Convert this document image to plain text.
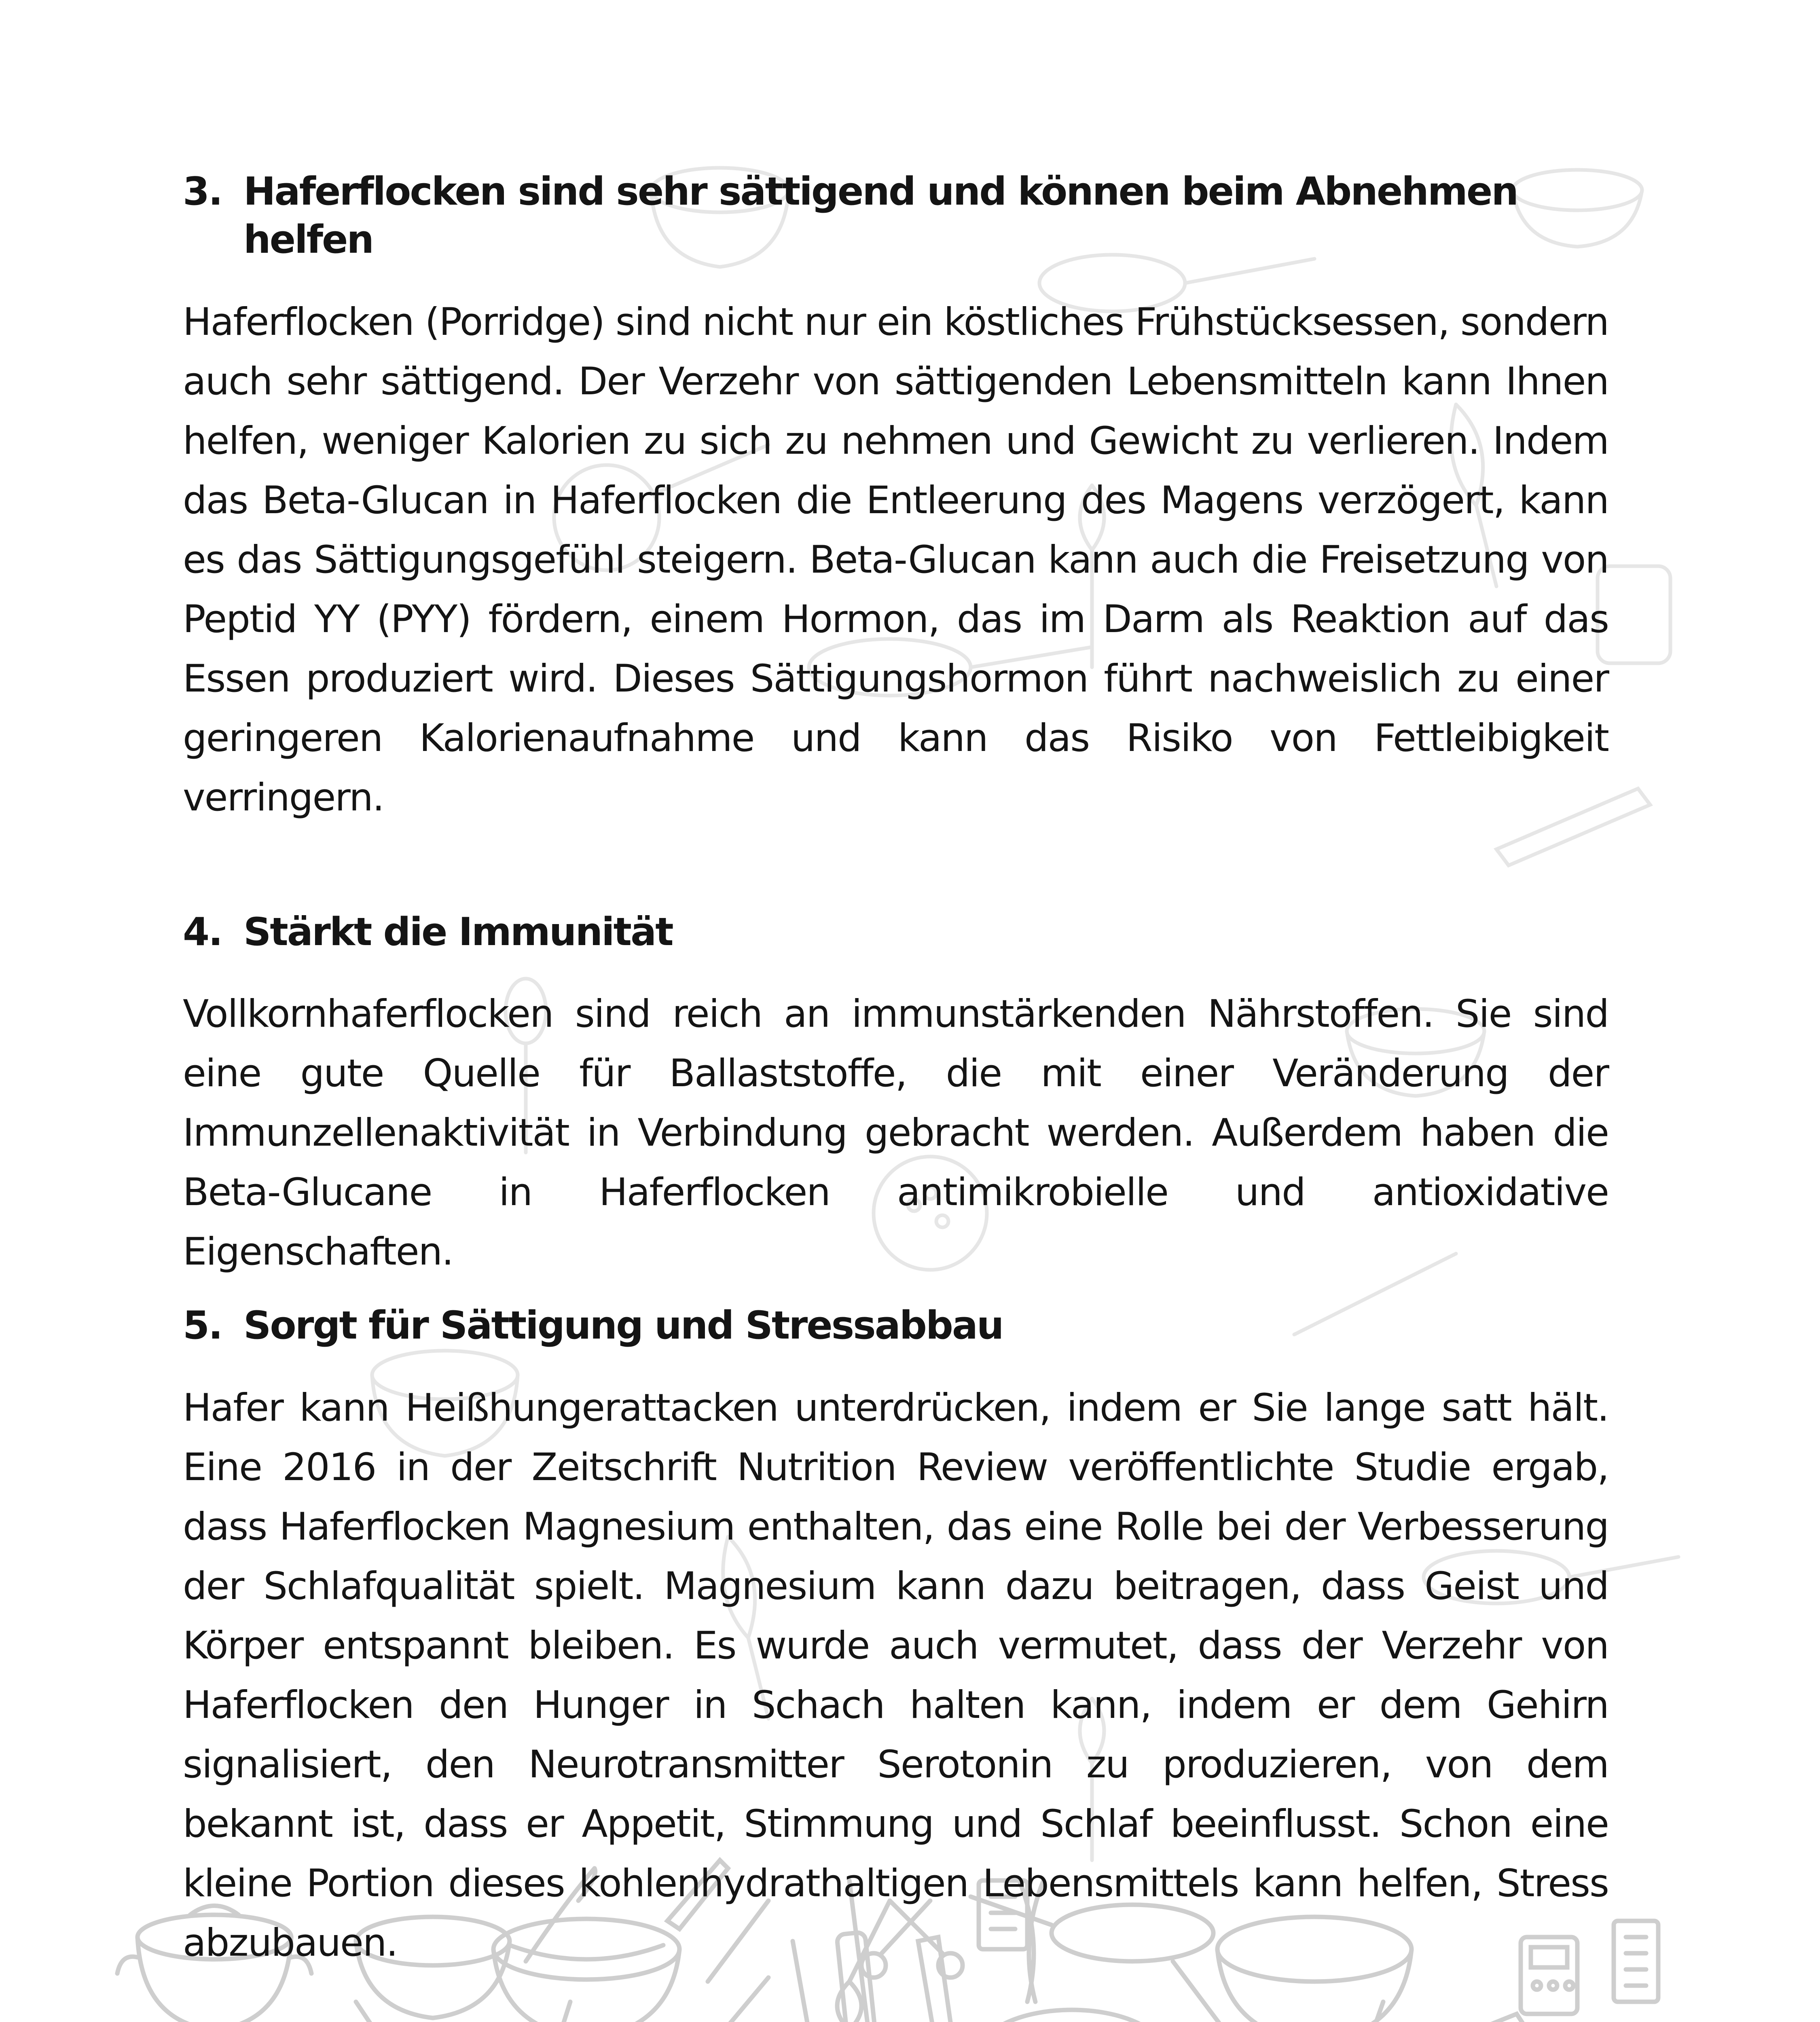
3. Haferflocken sind sehr sättigend und können beim Abnehmen helfen

Haferflocken (Porridge) sind nicht nur ein köstliches Frühstücksessen, sondern auch sehr sättigend. Der Verzehr von sättigenden Lebensmitteln kann Ihnen helfen, weniger Kalorien zu sich zu nehmen und Gewicht zu verlieren. Indem das Beta-Glucan in Haferflocken die Entleerung des Magens verzögert, kann es das Sättigungsgefühl steigern. Beta-Glucan kann auch die Freisetzung von Peptid YY (PYY) fördern, einem Hormon, das im Darm als Reaktion auf das Essen produziert wird. Dieses Sättigungshormon führt nachweislich zu einer geringeren Kalorienaufnahme und kann das Risiko von Fettleibigkeit verringern.

4. Stärkt die Immunität

Vollkornhaferflocken sind reich an immunstärkenden Nährstoffen. Sie sind eine gute Quelle für Ballaststoffe, die mit einer Veränderung der Immunzellenaktivität in Verbindung gebracht werden. Außerdem haben die Beta-Glucane in Haferflocken antimikrobielle und antioxidative Eigenschaften.

5. Sorgt für Sättigung und Stressabbau

Hafer kann Heißhungerattacken unterdrücken, indem er Sie lange satt hält. Eine 2016 in der Zeitschrift Nutrition Review veröffentlichte Studie ergab, dass Haferflocken Magnesium enthalten, das eine Rolle bei der Verbesserung der Schlafqualität spielt. Magnesium kann dazu beitragen, dass Geist und Körper entspannt bleiben. Es wurde auch vermutet, dass der Verzehr von Haferflocken den Hunger in Schach halten kann, indem er dem Gehirn signalisiert, den Neurotransmitter Serotonin zu produzieren, von dem bekannt ist, dass er Appetit, Stimmung und Schlaf beeinflusst. Schon eine kleine Portion dieses kohlenhydrathaltigen Lebensmittels kann helfen, Stress abzubauen.
